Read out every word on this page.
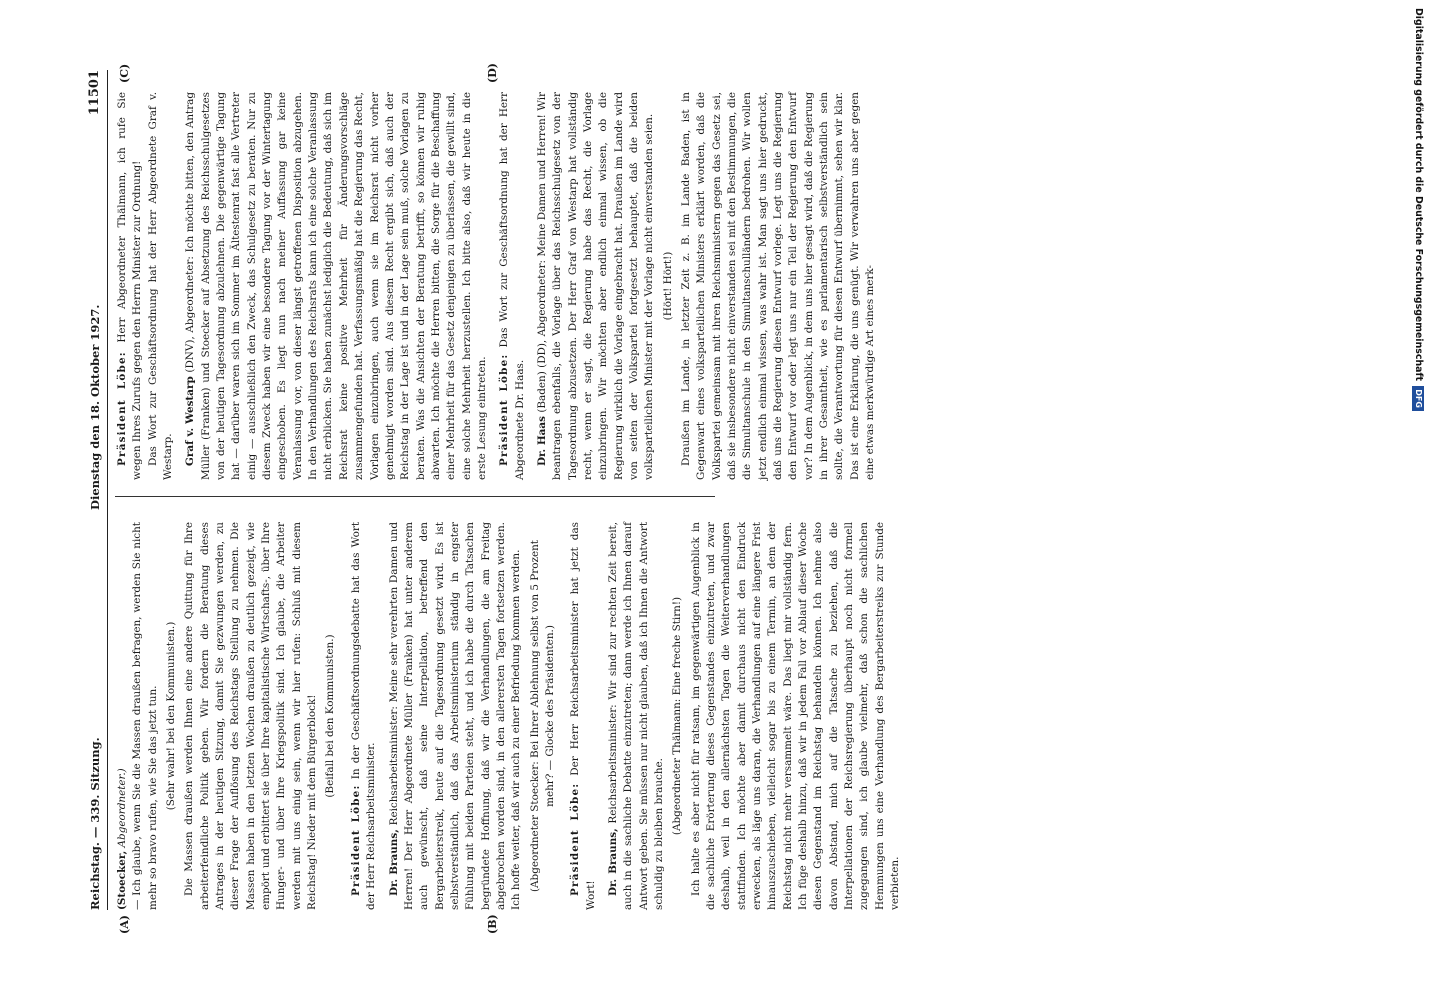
Reichstag. — 339. Sitzung.
Dienstag den 18. Oktober 1927.
11501
(A)	(B)
(C)	(D)

(Stoecker, Abgeordneter.) — Ich glaube, wenn Sie die Massen draußen befragen, werden Sie nicht mehr so bravo rufen, wie Sie das jetzt tun. (Sehr wahr! bei den Kommunisten.) Die Massen draußen werden Ihnen eine andere Quittung für Ihre arbeiterfeindliche Politik geben. Wir fordern die Beratung dieses Antrages in der heutigen Sitzung, damit Sie gezwungen werden, zu dieser Frage der Auflösung des Reichstags Stellung zu nehmen. Die Massen haben in den letzten Wochen draußen zu deutlich gezeigt, wie empört und erbittert sie über Ihre kapitalistische Wirtschafts-, über Ihre Hunger- und über Ihre Kriegspolitik sind. Ich glaube, die Arbeiter werden mit uns einig sein, wenn wir hier rufen: Schluß mit diesem Reichstag! Nieder mit dem Bürgerblock! (Beifall bei den Kommunisten.)

Präsident Löbe: In der Geschäftsordnungsdebatte hat das Wort der Herr Reichsarbeitsminister. Dr. Brauns, Reichsarbeitsminister: Meine sehr verehrten Damen und Herren! Der Herr Abgeordnete Müller (Franken) hat unter anderem auch gewünscht, daß seine Interpellation, betreffend den Bergarbeiterstreik, heute auf die Tagesordnung gesetzt wird. Es ist selbstverständlich, daß das Arbeitsministerium ständig in engster Fühlung mit beiden Parteien steht, und ich habe die durch Tatsachen begründete Hoffnung, daß wir die Verhandlungen, die am Freitag abgebrochen worden sind, in den allerersten Tagen fortsetzen werden. Ich hoffe weiter, daß wir auch zu einer Befriedung kommen werden. (Abgeordneter Stoecker: Bei Ihrer Ablehnung selbst von 5 Prozent mehr? — Glocke des Präsidenten.)

Präsident Löbe: Der Herr Reichsarbeitsminister hat jetzt das Wort! Dr. Brauns, Reichsarbeitsminister: Wir sind zur rechten Zeit bereit, auch in die sachliche Debatte einzutreten; dann werde ich Ihnen darauf Antwort geben. Sie müssen nur nicht glauben, daß ich Ihnen die Antwort schuldig zu bleiben brauche. (Abgeordneter Thälmann: Eine freche Stirn!) Ich halte es aber nicht für ratsam, im gegenwärtigen Augenblick in die sachliche Erörterung dieses Gegenstandes einzutreten, und zwar deshalb, weil in den allernächsten Tagen die Weiterverhandlungen stattfinden. Ich möchte aber damit durchaus nicht den Eindruck erwecken, als läge uns daran, die Verhandlungen auf eine längere Frist hinauszuschieben, vielleicht sogar bis zu einem Termin, an dem der Reichstag nicht mehr versammelt wäre. Das liegt mir vollständig fern. Ich füge deshalb hinzu, daß wir in jedem Fall vor Ablauf dieser Woche diesen Gegenstand im Reichstag behandeln können. Ich nehme also davon Abstand, mich auf die Tatsache zu beziehen, daß die Interpellationen der Reichsregierung überhaupt noch nicht formell zugegangen sind, ich glaube vielmehr, daß schon die sachlichen Hemmungen uns eine Verhandlung des Bergarbeiterstreiks zur Stunde verbieten.

Präsident Löbe: Herr Abgeordneter Thälmann, ich rufe Sie wegen Ihres Zurufs gegen den Herrn Minister zur Ordnung! Das Wort zur Geschäftsordnung hat der Herr Abgeordnete Graf v. Westarp. Graf v. Westarp (DNV), Abgeordneter: Ich möchte bitten, den Antrag Müller (Franken) und Stoecker auf Absetzung des Reichsschulgesetzes von der heutigen Tagesordnung abzulehnen. Die gegenwärtige Tagung hat — darüber waren sich im Sommer im Ältestenrat fast alle Vertreter einig — ausschließlich den Zweck, das Schulgesetz zu beraten. Nur zu diesem Zweck haben wir eine besondere Tagung vor der Wintertagung eingeschoben. Es liegt nun nach meiner Auffassung gar keine Veranlassung vor, von dieser längst getroffenen Disposition abzugehen. In den Verhandlungen des Reichsrats kann ich eine solche Veranlassung nicht erblicken. Sie haben zunächst lediglich die Bedeutung, daß sich im Reichsrat keine positive Mehrheit für Änderungsvorschläge zusammengefunden hat. Verfassungsmäßig hat die Regierung das Recht, Vorlagen einzubringen, auch wenn sie im Reichsrat nicht vorher genehmigt worden sind. Aus diesem Recht ergibt sich, daß auch der Reichstag in der Lage ist und in der Lage sein muß, solche Vorlagen zu beraten. Was die Ansichten der Beratung betrifft, so können wir ruhig abwarten. Ich möchte die Herren bitten, die Sorge für die Beschaffung einer Mehrheit für das Gesetz denjenigen zu überlassen, die gewillt sind, eine solche Mehrheit herzustellen. Ich bitte also, daß wir heute in die erste Lesung eintreten. Präsident Löbe: Das Wort zur Geschäftsordnung hat der Herr Abgeordnete Dr. Haas. Dr. Haas (Baden) (DD), Abgeordneter: Meine Damen und Herren! Wir beantragen ebenfalls, die Vorlage über das Reichsschulgesetz von der Tagesordnung abzusetzen. Der Herr Graf von Westarp hat vollständig recht, wenn er sagt, die Regierung habe das Recht, die Vorlage einzubringen. Wir möchten aber endlich einmal wissen, ob die Regierung wirklich die Vorlage eingebracht hat. Draußen im Lande wird von seiten der Volkspartei fortgesetzt behauptet, daß die beiden volksparteilichen Minister mit der Vorlage nicht einverstanden seien. (Hört! Hört!) Draußen im Lande, in letzter Zeit z. B. im Lande Baden, ist in Gegenwart eines volksparteilichen Ministers erklärt worden, daß die Volkspartei gemeinsam mit ihren Reichsministern gegen das Gesetz sei, daß sie insbesondere nicht einverstanden sei mit den Bestimmungen, die die Simultanschule in den Simultanschulländern bedrohen. Wir wollen jetzt endlich einmal wissen, was wahr ist. Man sagt uns hier gedruckt, daß uns die Regierung diesen Entwurf vorlege. Legt uns die Regierung den Entwurf vor oder legt uns nur ein Teil der Regierung den Entwurf vor? In dem Augenblick, in dem uns hier gesagt wird, daß die Regierung in ihrer Gesamtheit, wie es parlamentarisch selbstverständlich sein sollte, die Verantwortung für diesen Entwurf übernimmt, sehen wir klar. Das ist eine Erklärung, die uns genügt. Wir verwahren uns aber gegen eine etwas merkwürdige Art eines merk-	Digitalisierung gefördert durch die Deutsche Forschungsgemeinschaft DFG
